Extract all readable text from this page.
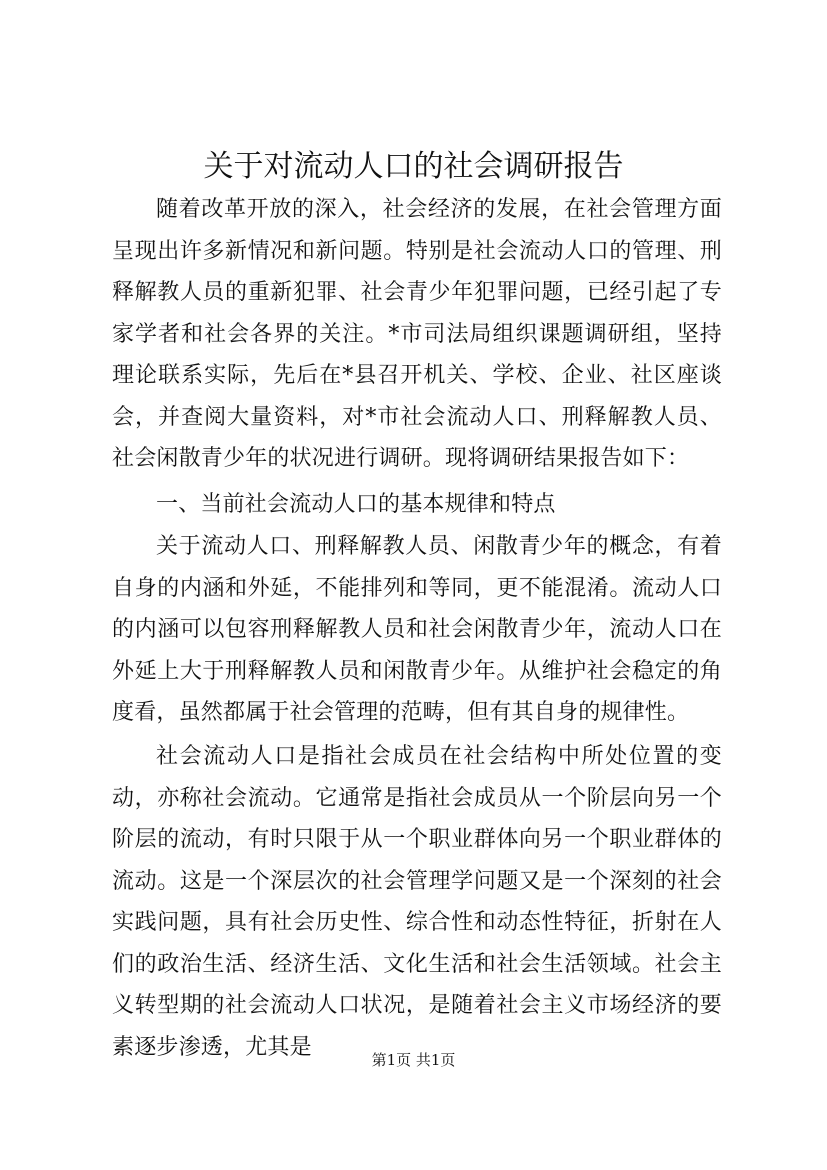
关于对流动人口的社会调研报告

随着改革开放的深入，社会经济的发展，在社会管理方面呈现出许多新情况和新问题。特别是社会流动人口的管理、刑释解教人员的重新犯罪、社会青少年犯罪问题，已经引起了专家学者和社会各界的关注。*市司法局组织课题调研组，坚持理论联系实际，先后在*县召开机关、学校、企业、社区座谈会，并查阅大量资料，对*市社会流动人口、刑释解教人员、社会闲散青少年的状况进行调研。现将调研结果报告如下：

一、当前社会流动人口的基本规律和特点

关于流动人口、刑释解教人员、闲散青少年的概念，有着自身的内涵和外延，不能排列和等同，更不能混淆。流动人口的内涵可以包容刑释解教人员和社会闲散青少年，流动人口在外延上大于刑释解教人员和闲散青少年。从维护社会稳定的角度看，虽然都属于社会管理的范畴，但有其自身的规律性。

社会流动人口是指社会成员在社会结构中所处位置的变动，亦称社会流动。它通常是指社会成员从一个阶层向另一个阶层的流动，有时只限于从一个职业群体向另一个职业群体的流动。这是一个深层次的社会管理学问题又是一个深刻的社会实践问题，具有社会历史性、综合性和动态性特征，折射在人们的政治生活、经济生活、文化生活和社会生活领域。社会主义转型期的社会流动人口状况，是随着社会主义市场经济的要素逐步渗透，尤其是

第1页 共1页
